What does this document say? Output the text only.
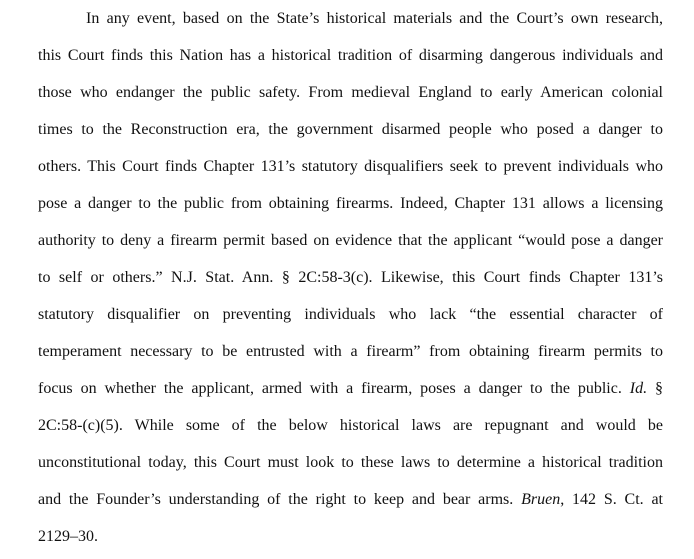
In any event, based on the State’s historical materials and the Court’s own research,
this Court finds this Nation has a historical tradition of disarming dangerous individuals and
those who endanger the public safety. From medieval England to early American colonial
times to the Reconstruction era, the government disarmed people who posed a danger to
others. This Court finds Chapter 131’s statutory disqualifiers seek to prevent individuals who
pose a danger to the public from obtaining firearms. Indeed, Chapter 131 allows a licensing
authority to deny a firearm permit based on evidence that the applicant “would pose a danger
to self or others.” N.J. Stat. Ann. § 2C:58-3(c). Likewise, this Court finds Chapter 131’s
statutory disqualifier on preventing individuals who lack “the essential character of
temperament necessary to be entrusted with a firearm” from obtaining firearm permits to
focus on whether the applicant, armed with a firearm, poses a danger to the public. Id. §
2C:58-(c)(5). While some of the below historical laws are repugnant and would be
unconstitutional today, this Court must look to these laws to determine a historical tradition
and the Founder’s understanding of the right to keep and bear arms. Bruen, 142 S. Ct. at
2129–30.
